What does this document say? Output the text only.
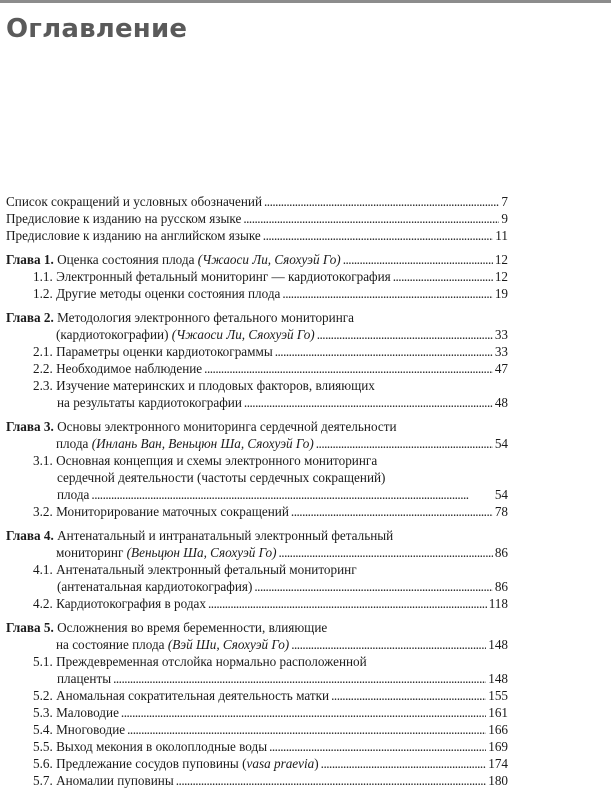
Оглавление
Список сокращений и условных обозначений . . .	7
Предисловие к изданию на русском языке . . .	9
Предисловие к изданию на английском языке . . .	11
Глава 1. Оценка состояния плода (Чжаоси Ли, Сяохуэй Го) . . .	12
1.1. Электронный фетальный мониторинг — кардиотокография . . .	12
1.2. Другие методы оценки состояния плода . . .	19
Глава 2. Методология электронного фетального мониторинга
(кардиотокографии) (Чжаоси Ли, Сяохуэй Го) . . .	33
2.1. Параметры оценки кардиотокограммы . . .	33
2.2. Необходимое наблюдение . . .	47
2.3. Изучение материнских и плодовых факторов, влияющих
на результаты кардиотокографии . . .	48
Глава 3. Основы электронного мониторинга сердечной деятельности
плода (Инлань Ван, Веньцюн Ша, Сяохуэй Го) . . .	54
3.1. Основная концепция и схемы электронного мониторинга
сердечной деятельности (частоты сердечных сокращений)
плода . . .	54
3.2. Мониторирование маточных сокращений . . .	78
Глава 4. Антенатальный и интранатальный электронный фетальный
мониторинг (Веньцюн Ша, Сяохуэй Го) . . .	86
4.1. Антенатальный электронный фетальный мониторинг
(антенатальная кардиотокография) . . .	86
4.2. Кардиотокография в родах . . .	118
Глава 5. Осложнения во время беременности, влияющие
на состояние плода (Вэй Ши, Сяохуэй Го) . . .	148
5.1. Преждевременная отслойка нормально расположенной
плаценты . . .	148
5.2. Аномальная сократительная деятельность матки . . .	155
5.3. Маловодие . . .	161
5.4. Многоводие . . .	166
5.5. Выход мекония в околоплодные воды . . .	169
5.6. Предлежание сосудов пуповины (vasa praevia) . . .	174
5.7. Аномалии пуповины . . .	180
